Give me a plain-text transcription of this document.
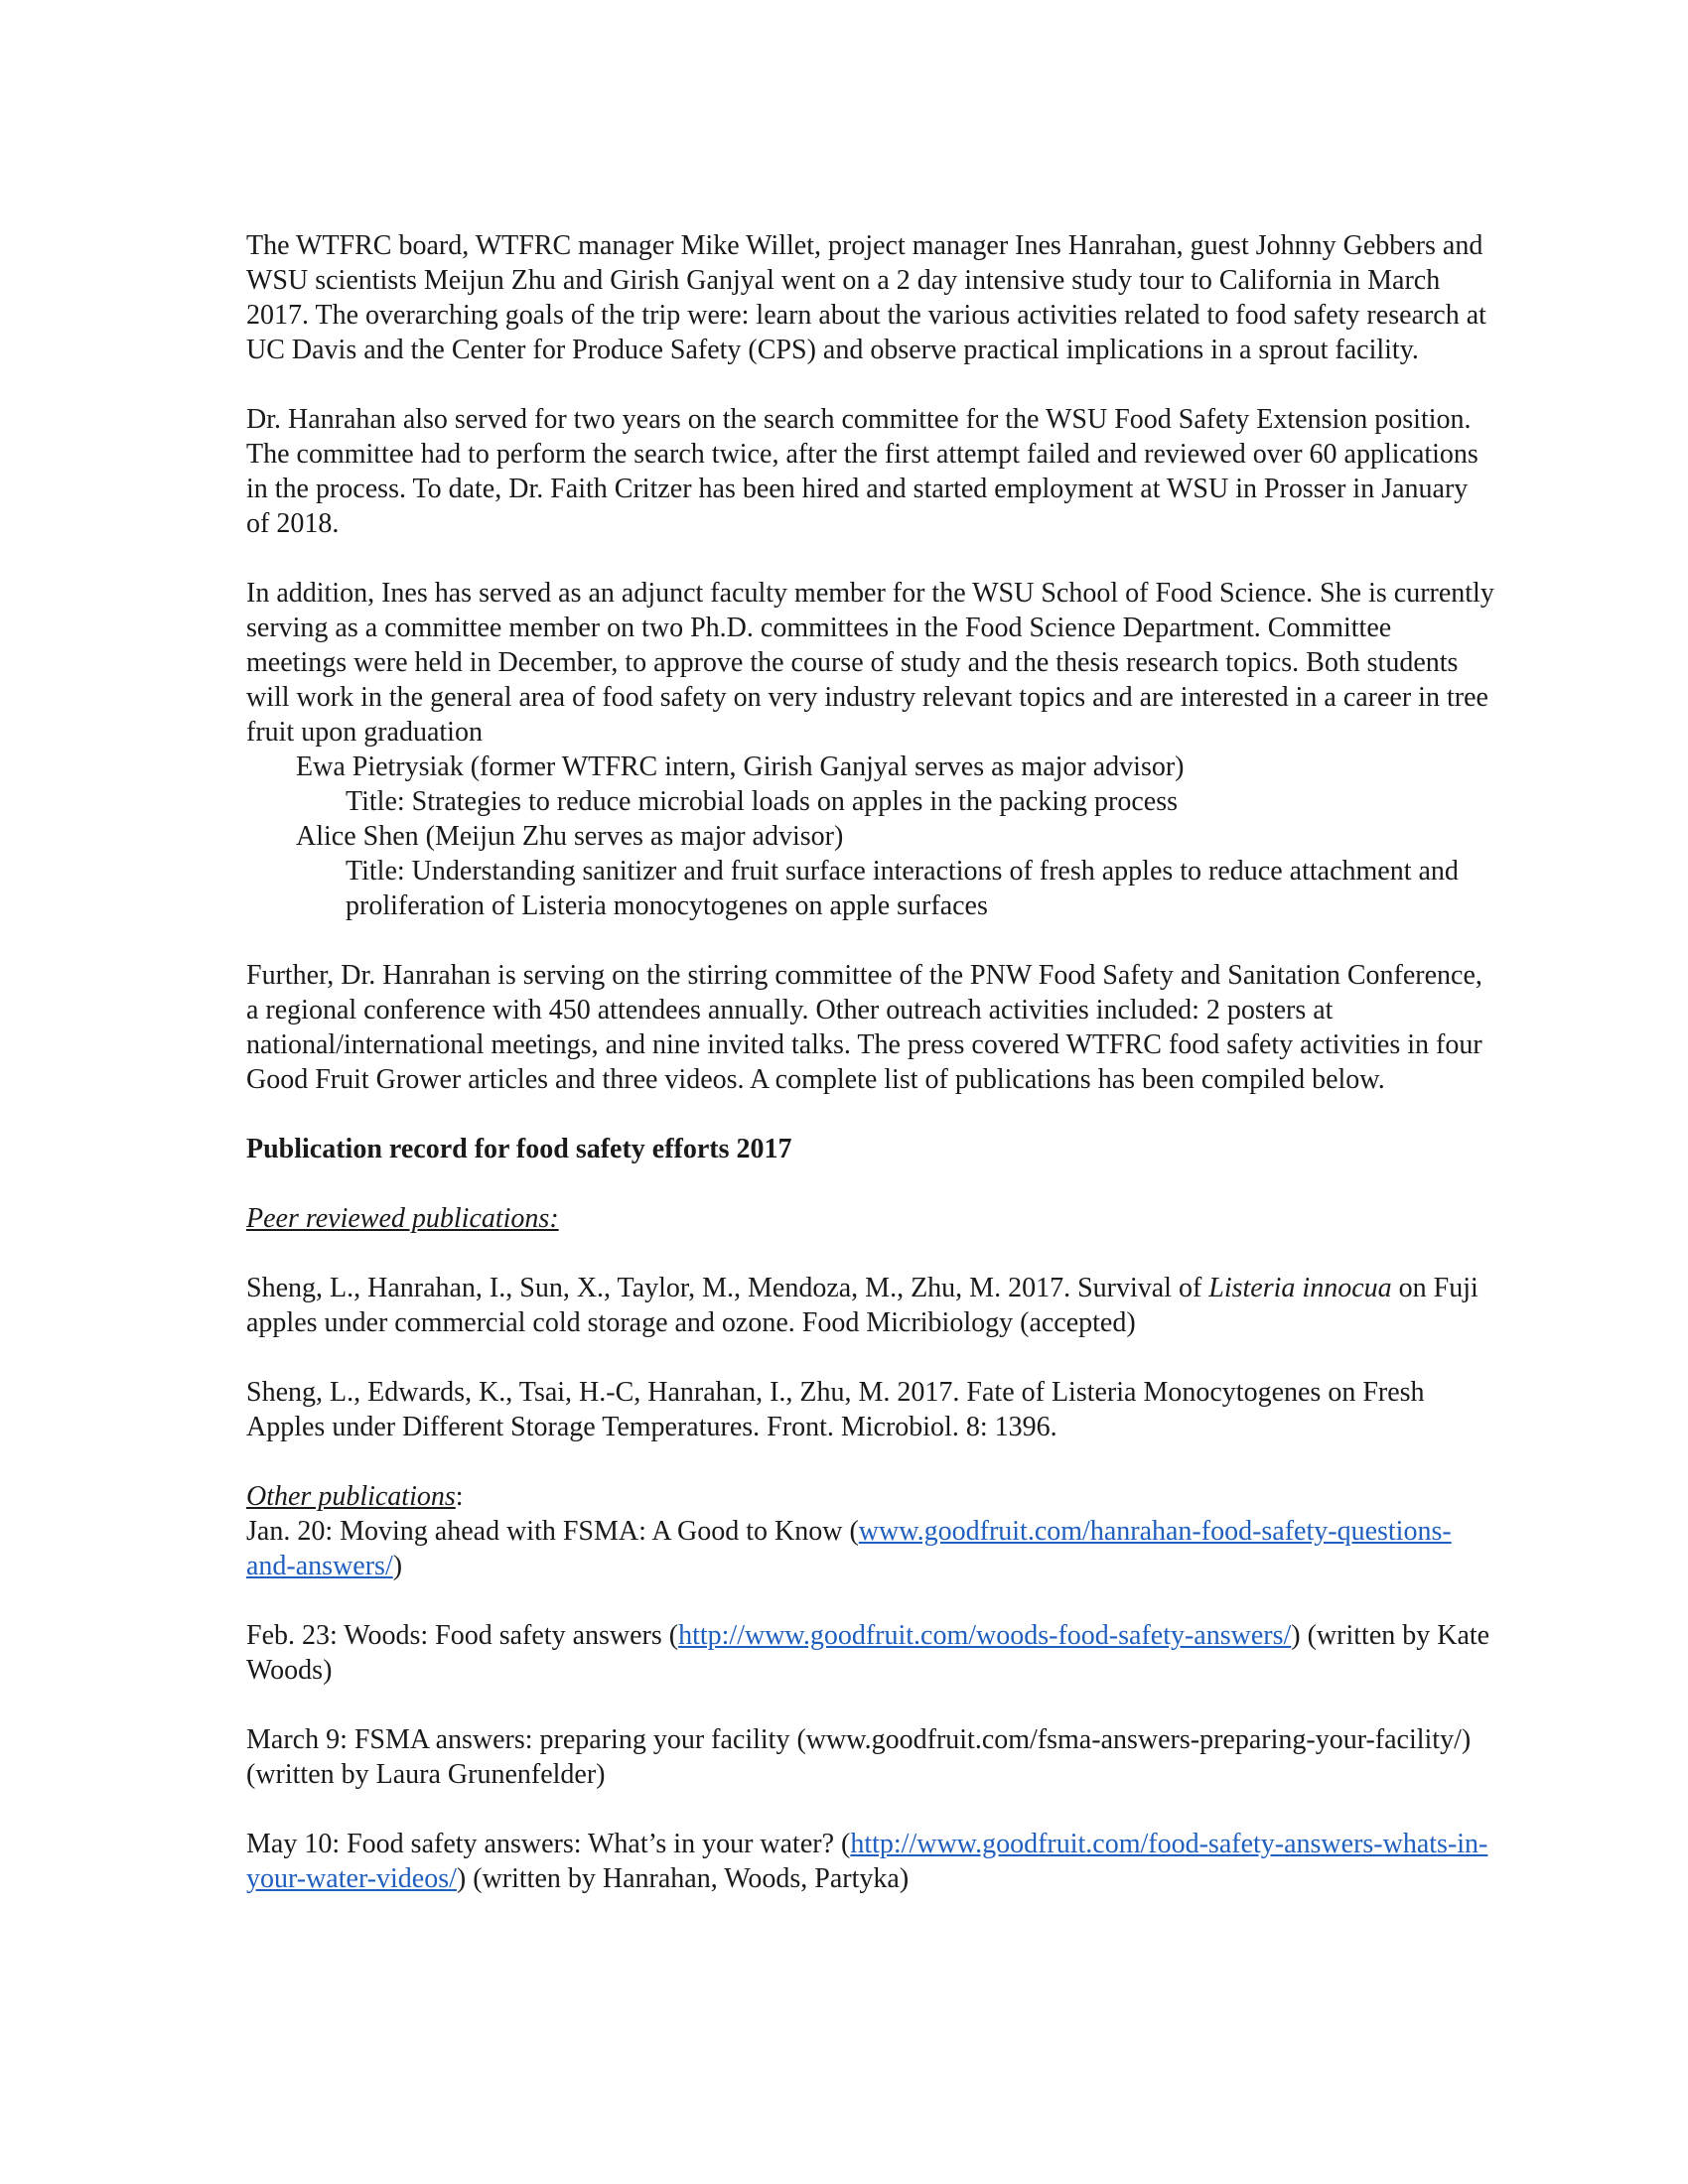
The WTFRC board, WTFRC manager Mike Willet, project manager Ines Hanrahan, guest Johnny Gebbers and WSU scientists Meijun Zhu and Girish Ganjyal went on a 2 day intensive study tour to California in March 2017. The overarching goals of the trip were: learn about the various activities related to food safety research at UC Davis and the Center for Produce Safety (CPS) and observe practical implications in a sprout facility.

Dr. Hanrahan also served for two years on the search committee for the WSU Food Safety Extension position. The committee had to perform the search twice, after the first attempt failed and reviewed over 60 applications in the process. To date, Dr. Faith Critzer has been hired and started employment at WSU in Prosser in January of 2018.

In addition, Ines has served as an adjunct faculty member for the WSU School of Food Science. She is currently serving as a committee member on two Ph.D. committees in the Food Science Department. Committee meetings were held in December, to approve the course of study and the thesis research topics. Both students will work in the general area of food safety on very industry relevant topics and are interested in a career in tree fruit upon graduation

Ewa Pietrysiak (former WTFRC intern, Girish Ganjyal serves as major advisor)

Title: Strategies to reduce microbial loads on apples in the packing process

Alice Shen (Meijun Zhu serves as major advisor)

Title: Understanding sanitizer and fruit surface interactions of fresh apples to reduce attachment and proliferation of Listeria monocytogenes on apple surfaces

Further, Dr. Hanrahan is serving on the stirring committee of the PNW Food Safety and Sanitation Conference, a regional conference with 450 attendees annually. Other outreach activities included: 2 posters at national/international meetings, and nine invited talks. The press covered WTFRC food safety activities in four Good Fruit Grower articles and three videos. A complete list of publications has been compiled below.

Publication record for food safety efforts 2017

Peer reviewed publications:

Sheng, L., Hanrahan, I., Sun, X., Taylor, M., Mendoza, M., Zhu, M. 2017. Survival of Listeria innocua on Fuji apples under commercial cold storage and ozone. Food Micribiology (accepted)

Sheng, L., Edwards, K., Tsai, H.-C, Hanrahan, I., Zhu, M. 2017. Fate of Listeria Monocytogenes on Fresh Apples under Different Storage Temperatures. Front. Microbiol. 8: 1396.

Other publications:

Jan. 20: Moving ahead with FSMA: A Good to Know (www.goodfruit.com/hanrahan-food-safety-questions-and-answers/)

Feb. 23: Woods: Food safety answers (http://www.goodfruit.com/woods-food-safety-answers/) (written by Kate Woods)

March 9: FSMA answers: preparing your facility (www.goodfruit.com/fsma-answers-preparing-your-facility/) (written by Laura Grunenfelder)

May 10: Food safety answers: What’s in your water? (http://www.goodfruit.com/food-safety-answers-whats-in-your-water-videos/) (written by Hanrahan, Woods, Partyka)
